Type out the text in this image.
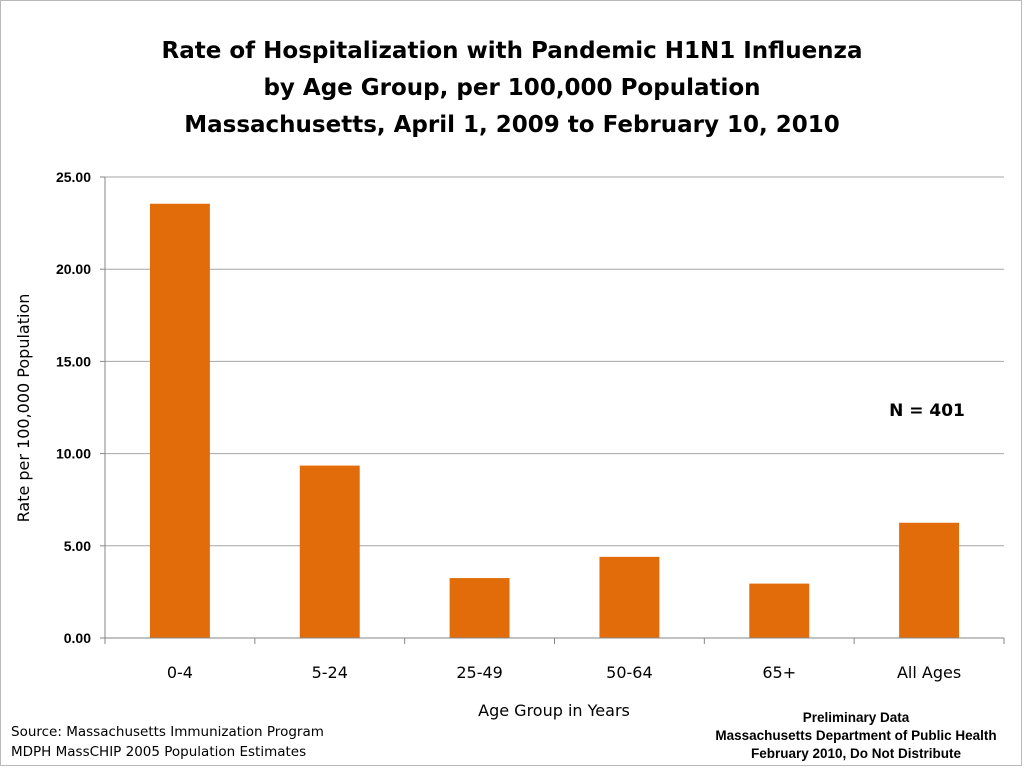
Rate of Hospitalization with Pandemic H1N1 Influenza
by Age Group, per 100,000 Population
Massachusetts, April 1, 2009 to February 10, 2010
0.00
5.00
10.00
15.00
20.00
25.00
0-4	5-24	25-49	50-64	65+	All Ages
Rate per 100,000 Population
Age Group in Years
N = 401
Source: Massachusetts Immunization Program
MDPH MassCHIP 2005 Population Estimates
Preliminary Data
Massachusetts Department of Public Health
February 2010, Do Not Distribute
